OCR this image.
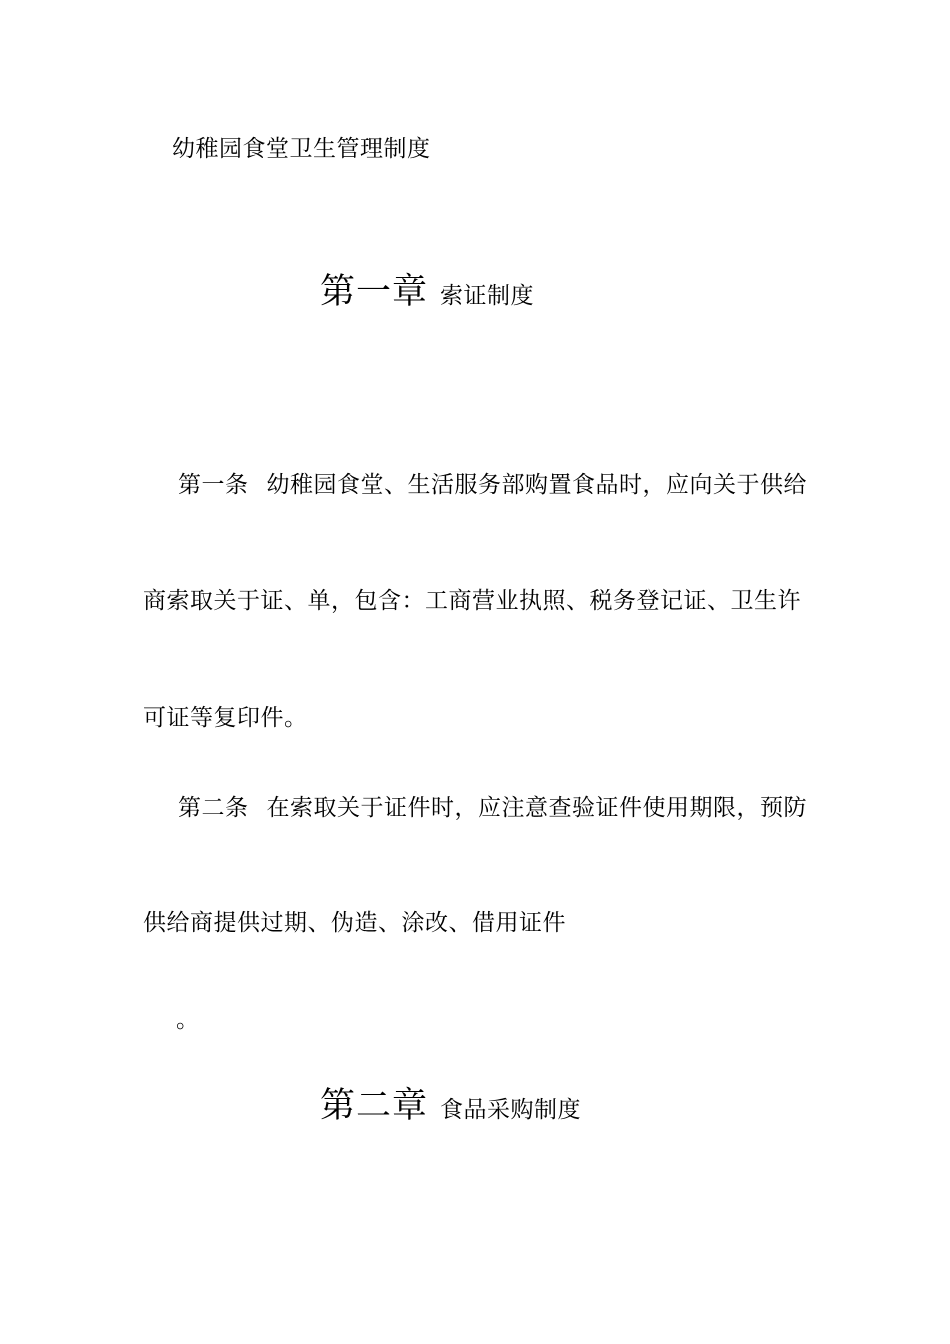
幼稚园食堂卫生管理制度
第一章 索证制度
第一条 幼稚园食堂、生活服务部购置食品时，应向关于供给
商索取关于证、单，包含：工商营业执照、税务登记证、卫生许
可证等复印件。
第二条 在索取关于证件时，应注意查验证件使用期限，预防
供给商提供过期、伪造、涂改、借用证件
。
第二章 食品采购制度
